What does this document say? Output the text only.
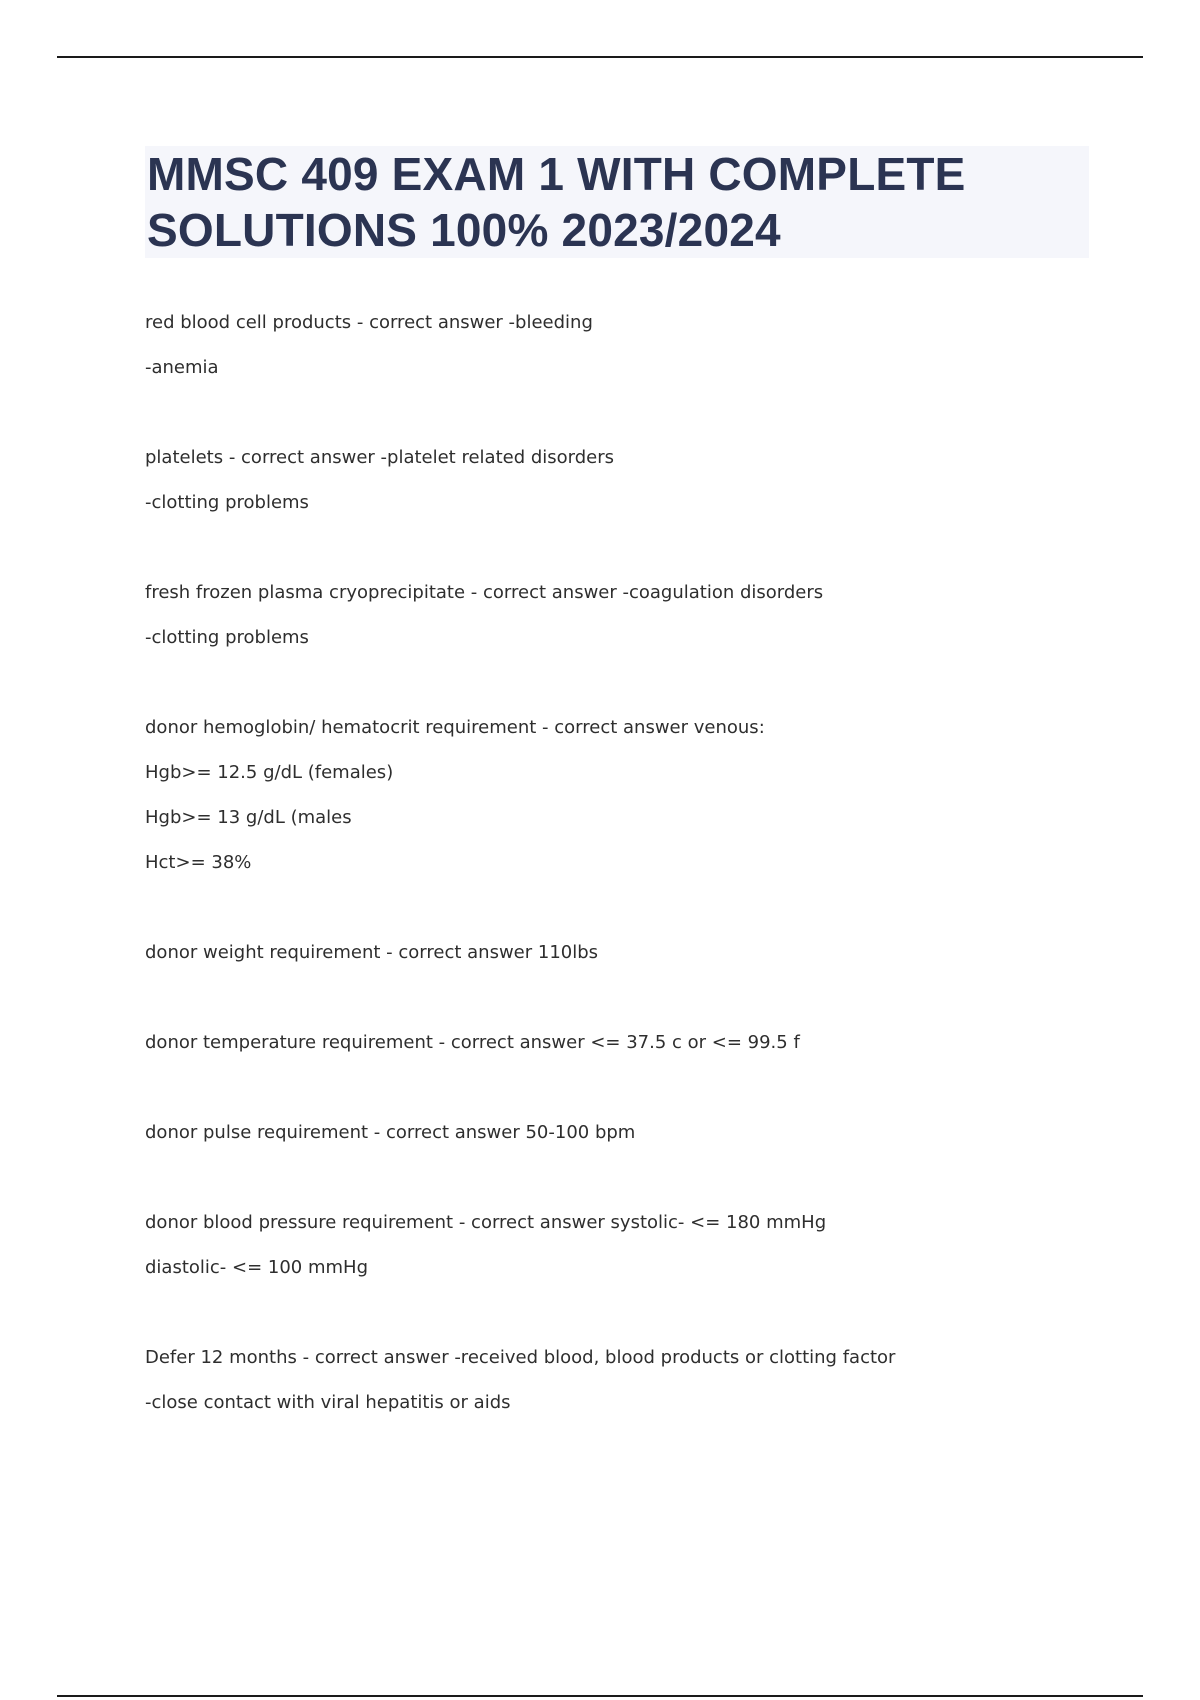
MMSC 409 EXAM 1 WITH COMPLETE
SOLUTIONS 100% 2023/2024
red blood cell products - correct answer -bleeding
-anemia
platelets - correct answer -platelet related disorders
-clotting problems
fresh frozen plasma cryoprecipitate - correct answer -coagulation disorders
-clotting problems
donor hemoglobin/ hematocrit requirement - correct answer venous:
Hgb>= 12.5 g/dL (females)
Hgb>= 13 g/dL (males
Hct>= 38%
donor weight requirement - correct answer 110lbs
donor temperature requirement - correct answer <= 37.5 c or <= 99.5 f
donor pulse requirement - correct answer 50-100 bpm
donor blood pressure requirement - correct answer systolic- <= 180 mmHg
diastolic- <= 100 mmHg
Defer 12 months - correct answer -received blood, blood products or clotting factor
-close contact with viral hepatitis or aids
